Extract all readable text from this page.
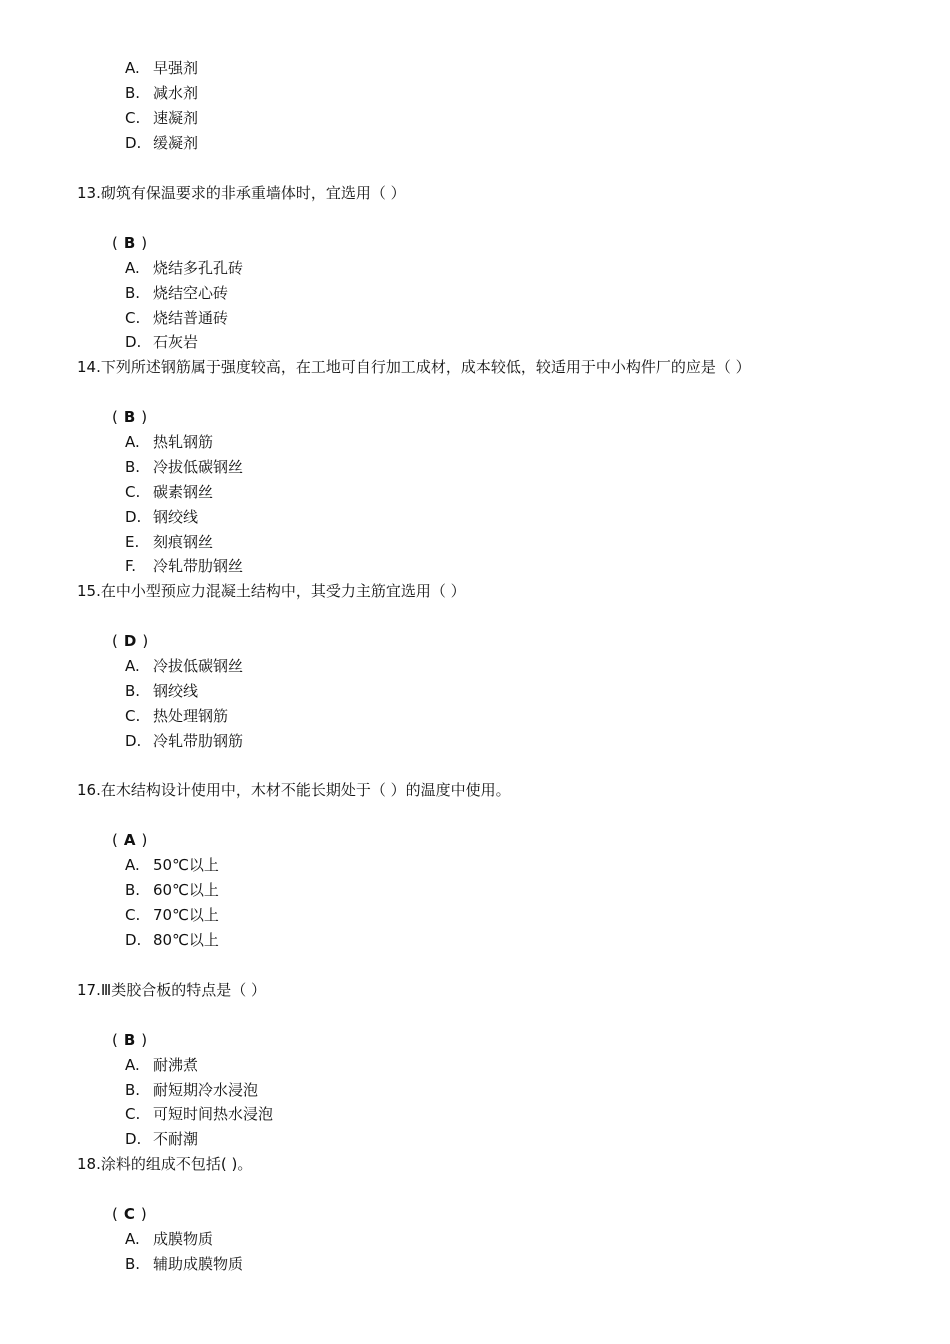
A. 早强剂
B. 减水剂
C. 速凝剂
D. 缓凝剂
13.砌筑有保温要求的非承重墙体时，宜选用（ ）
( B )
A. 烧结多孔孔砖
B. 烧结空心砖
C. 烧结普通砖
D. 石灰岩
14.下列所述钢筋属于强度较高，在工地可自行加工成材，成本较低，较适用于中小构件厂的应是（ ）
( B )
A. 热轧钢筋
B. 冷拔低碳钢丝
C. 碳素钢丝
D. 钢绞线
E. 刻痕钢丝
F. 冷轧带肋钢丝
15.在中小型预应力混凝土结构中，其受力主筋宜选用（ ）
( D )
A. 冷拔低碳钢丝
B. 钢绞线
C. 热处理钢筋
D. 冷轧带肋钢筋
16.在木结构设计使用中，木材不能长期处于（ ）的温度中使用。
( A )
A. 50℃以上
B. 60℃以上
C. 70℃以上
D. 80℃以上
17.Ⅲ类胶合板的特点是（ ）
( B )
A. 耐沸煮
B. 耐短期冷水浸泡
C. 可短时间热水浸泡
D. 不耐潮
18.涂料的组成不包括( )。
( C )
A. 成膜物质
B. 辅助成膜物质
